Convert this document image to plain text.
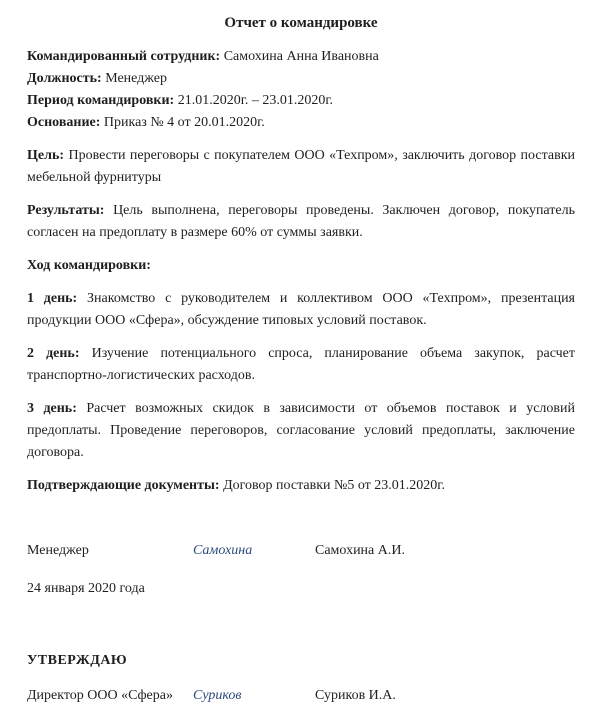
Отчет о командировке
Командированный сотрудник: Самохина Анна Ивановна
Должность: Менеджер
Период командировки: 21.01.2020г. – 23.01.2020г.
Основание: Приказ № 4 от 20.01.2020г.

Цель: Провести переговоры с покупателем ООО «Техпром», заключить договор поставки мебельной фурнитуры

Результаты: Цель выполнена, переговоры проведены. Заключен договор, покупатель согласен на предоплату в размере 60% от суммы заявки.

Ход командировки:

1 день: Знакомство с руководителем и коллективом ООО «Техпром», презентация продукции ООО «Сфера», обсуждение типовых условий поставок.

2 день: Изучение потенциального спроса, планирование объема закупок, расчет транспортно-логистических расходов.

3 день: Расчет возможных скидок в зависимости от объемов поставок и условий предоплаты. Проведение переговоров, согласование условий предоплаты, заключение договора.

Подтверждающие документы: Договор поставки №5 от 23.01.2020г.

Менеджер	Самохина	Самохина А.И.
24 января 2020 года
УТВЕРЖДАЮ
Директор ООО «Сфера»	Суриков	Суриков И.А.
